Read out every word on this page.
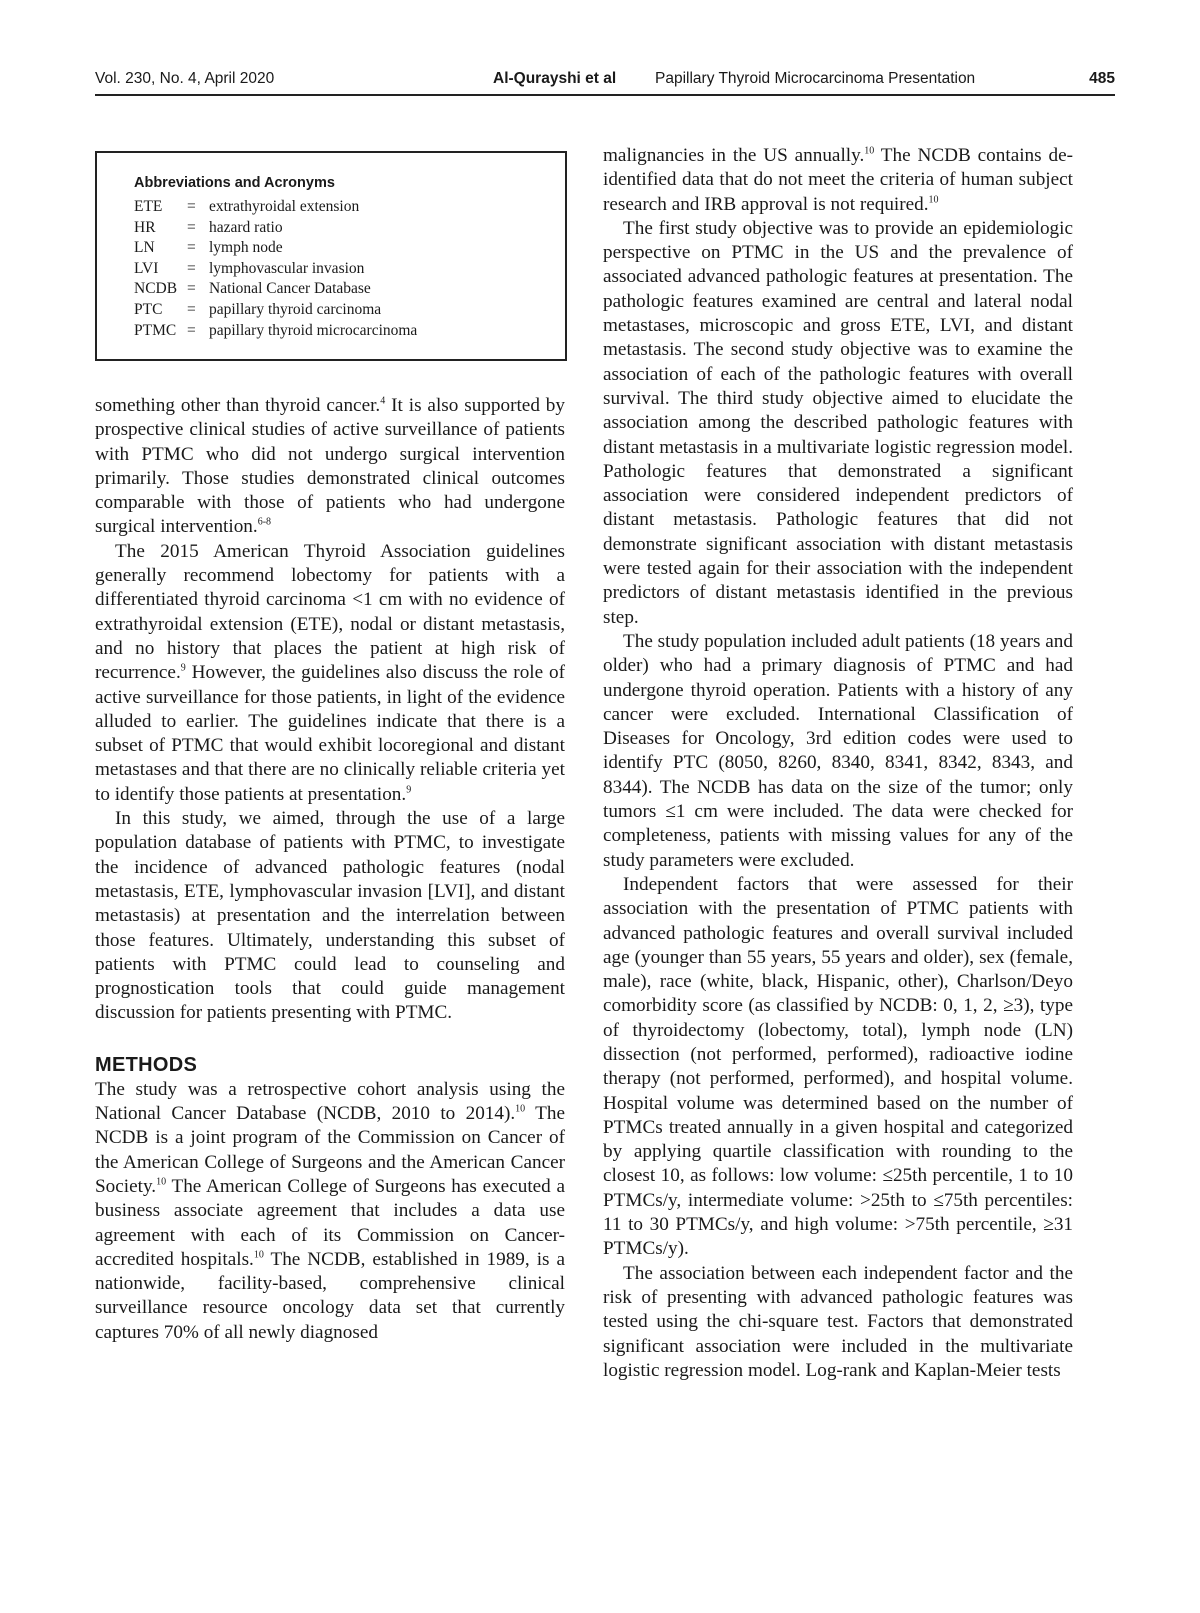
Vol. 230, No. 4, April 2020	Al-Qurayshi et al	Papillary Thyroid Microcarcinoma Presentation	485
Abbreviations and Acronyms
ETE	= extrathyroidal extension
HR	= hazard ratio
LN	= lymph node
LVI	= lymphovascular invasion
NCDB = National Cancer Database
PTC	= papillary thyroid carcinoma
PTMC = papillary thyroid microcarcinoma

something other than thyroid cancer.$^4$ It is also supported by prospective clinical studies of active surveillance of patients with PTMC who did not undergo surgical intervention primarily. Those studies demonstrated clinical outcomes comparable with those of patients who had undergone surgical intervention.$^{6-8}$

The 2015 American Thyroid Association guidelines generally recommend lobectomy for patients with a differentiated thyroid carcinoma <1 cm with no evidence of extrathyroidal extension (ETE), nodal or distant metastasis, and no history that places the patient at high risk of recurrence.$^9$ However, the guidelines also discuss the role of active surveillance for those patients, in light of the evidence alluded to earlier. The guidelines indicate that there is a subset of PTMC that would exhibit locoregional and distant metastases and that there are no clinically reliable criteria yet to identify those patients at presentation.$^9$

In this study, we aimed, through the use of a large population database of patients with PTMC, to investigate the incidence of advanced pathologic features (nodal metastasis, ETE, lymphovascular invasion [LVI], and distant metastasis) at presentation and the interrelation between those features. Ultimately, understanding this subset of patients with PTMC could lead to counseling and prognostication tools that could guide management discussion for patients presenting with PTMC.

METHODS

The study was a retrospective cohort analysis using the National Cancer Database (NCDB, 2010 to 2014).$^{10}$ The NCDB is a joint program of the Commission on Cancer of the American College of Surgeons and the American Cancer Society.$^{10}$ The American College of Surgeons has executed a business associate agreement that includes a data use agreement with each of its Commission on Cancer-accredited hospitals.$^{10}$ The NCDB, established in 1989, is a nationwide, facility-based, comprehensive clinical surveillance resource oncology data set that currently captures 70% of all newly diagnosed

malignancies in the US annually.$^{10}$ The NCDB contains de-identified data that do not meet the criteria of human subject research and IRB approval is not required.$^{10}$

The first study objective was to provide an epidemiologic perspective on PTMC in the US and the prevalence of associated advanced pathologic features at presentation. The pathologic features examined are central and lateral nodal metastases, microscopic and gross ETE, LVI, and distant metastasis. The second study objective was to examine the association of each of the pathologic features with overall survival. The third study objective aimed to elucidate the association among the described pathologic features with distant metastasis in a multivariate logistic regression model. Pathologic features that demonstrated a significant association were considered independent predictors of distant metastasis. Pathologic features that did not demonstrate significant association with distant metastasis were tested again for their association with the independent predictors of distant metastasis identified in the previous step.

The study population included adult patients (18 years and older) who had a primary diagnosis of PTMC and had undergone thyroid operation. Patients with a history of any cancer were excluded. International Classification of Diseases for Oncology, 3rd edition codes were used to identify PTC (8050, 8260, 8340, 8341, 8342, 8343, and 8344). The NCDB has data on the size of the tumor; only tumors ≤1 cm were included. The data were checked for completeness, patients with missing values for any of the study parameters were excluded.

Independent factors that were assessed for their association with the presentation of PTMC patients with advanced pathologic features and overall survival included age (younger than 55 years, 55 years and older), sex (female, male), race (white, black, Hispanic, other), Charlson/Deyo comorbidity score (as classified by NCDB: 0, 1, 2, ≥3), type of thyroidectomy (lobectomy, total), lymph node (LN) dissection (not performed, performed), radioactive iodine therapy (not performed, performed), and hospital volume. Hospital volume was determined based on the number of PTMCs treated annually in a given hospital and categorized by applying quartile classification with rounding to the closest 10, as follows: low volume: ≤25th percentile, 1 to 10 PTMCs/y, intermediate volume: >25th to ≤75th percentiles: 11 to 30 PTMCs/y, and high volume: >75th percentile, ≥31 PTMCs/y).

The association between each independent factor and the risk of presenting with advanced pathologic features was tested using the chi-square test. Factors that demonstrated significant association were included in the multivariate logistic regression model. Log-rank and Kaplan-Meier tests
